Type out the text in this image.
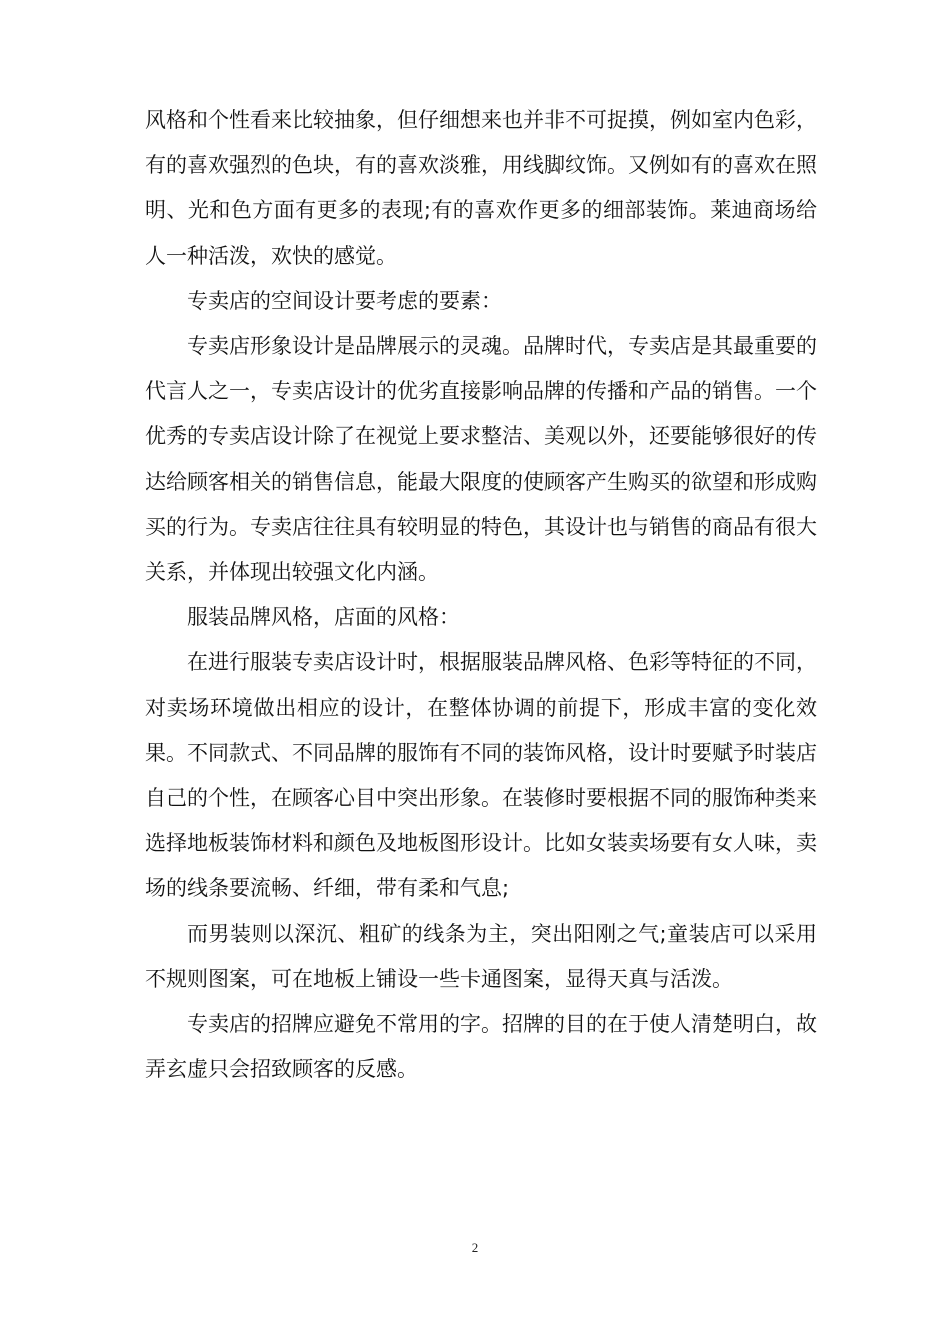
风格和个性看来比较抽象，但仔细想来也并非不可捉摸，例如室内色彩，有的喜欢强烈的色块，有的喜欢淡雅，用线脚纹饰。又例如有的喜欢在照明、光和色方面有更多的表现;有的喜欢作更多的细部装饰。莱迪商场给人一种活泼，欢快的感觉。

专卖店的空间设计要考虑的要素：

专卖店形象设计是品牌展示的灵魂。品牌时代，专卖店是其最重要的代言人之一，专卖店设计的优劣直接影响品牌的传播和产品的销售。一个优秀的专卖店设计除了在视觉上要求整洁、美观以外，还要能够很好的传达给顾客相关的销售信息，能最大限度的使顾客产生购买的欲望和形成购买的行为。专卖店往往具有较明显的特色，其设计也与销售的商品有很大关系，并体现出较强文化内涵。

服装品牌风格，店面的风格：

在进行服装专卖店设计时，根据服装品牌风格、色彩等特征的不同，对卖场环境做出相应的设计，在整体协调的前提下，形成丰富的变化效果。不同款式、不同品牌的服饰有不同的装饰风格，设计时要赋予时装店自己的个性，在顾客心目中突出形象。在装修时要根据不同的服饰种类来选择地板装饰材料和颜色及地板图形设计。比如女装卖场要有女人味，卖场的线条要流畅、纤细，带有柔和气息;

而男装则以深沉、粗矿的线条为主，突出阳刚之气;童装店可以采用不规则图案，可在地板上铺设一些卡通图案，显得天真与活泼。

专卖店的招牌应避免不常用的字。招牌的目的在于使人清楚明白，故弄玄虚只会招致顾客的反感。

2
